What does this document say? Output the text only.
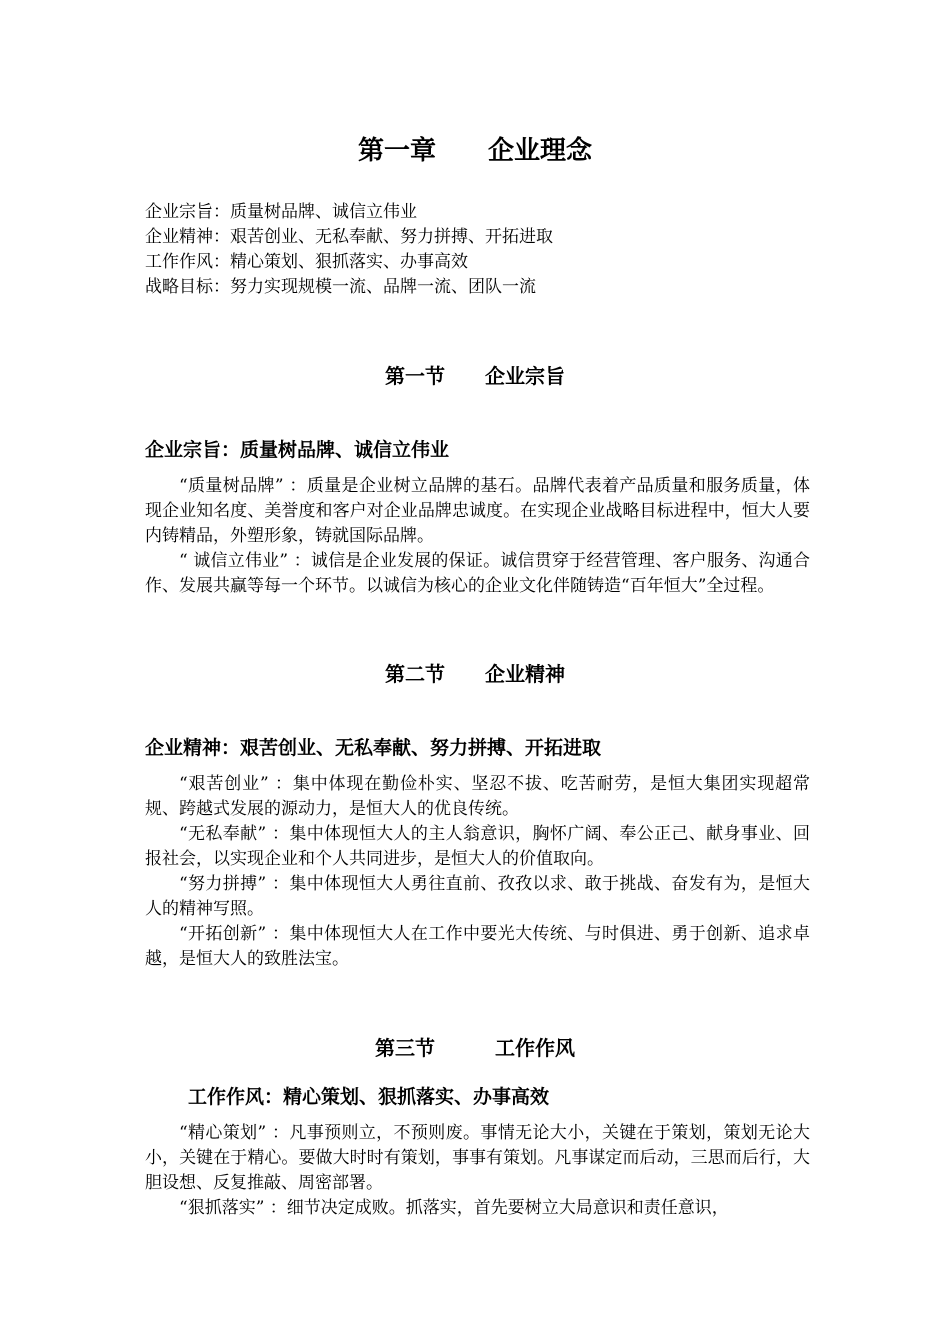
第一章　　企业理念
企业宗旨：质量树品牌、诚信立伟业
企业精神：艰苦创业、无私奉献、努力拼搏、开拓进取
工作作风：精心策划、狠抓落实、办事高效
战略目标：努力实现规模一流、品牌一流、团队一流
第一节　　企业宗旨
企业宗旨：质量树品牌、诚信立伟业

“质量树品牌” ：质量是企业树立品牌的基石。品牌代表着产品质量和服务质量，体现企业知名度、美誉度和客户对企业品牌忠诚度。在实现企业战略目标进程中，恒大人要内铸精品，外塑形象，铸就国际品牌。

“ 诚信立伟业” ：诚信是企业发展的保证。诚信贯穿于经营管理、客户服务、沟通合作、发展共赢等每一个环节。以诚信为核心的企业文化伴随铸造“百年恒大”全过程。

第二节　　企业精神
企业精神：艰苦创业、无私奉献、努力拼搏、开拓进取

“艰苦创业” ：集中体现在勤俭朴实、坚忍不拔、吃苦耐劳，是恒大集团实现超常规、跨越式发展的源动力，是恒大人的优良传统。

“无私奉献” ：集中体现恒大人的主人翁意识，胸怀广阔、奉公正己、献身事业、回报社会，以实现企业和个人共同进步，是恒大人的价值取向。

“努力拼搏” ：集中体现恒大人勇往直前、孜孜以求、敢于挑战、奋发有为，是恒大人的精神写照。

“开拓创新” ：集中体现恒大人在工作中要光大传统、与时俱进、勇于创新、追求卓越，是恒大人的致胜法宝。

第三节　　　工作作风
工作作风：精心策划、狠抓落实、办事高效

“精心策划” ：凡事预则立，不预则废。事情无论大小，关键在于策划，策划无论大小，关键在于精心。要做大时时有策划，事事有策划。凡事谋定而后动，三思而后行，大胆设想、反复推敲、周密部署。

“狠抓落实” ：细节决定成败。抓落实，首先要树立大局意识和责任意识，
